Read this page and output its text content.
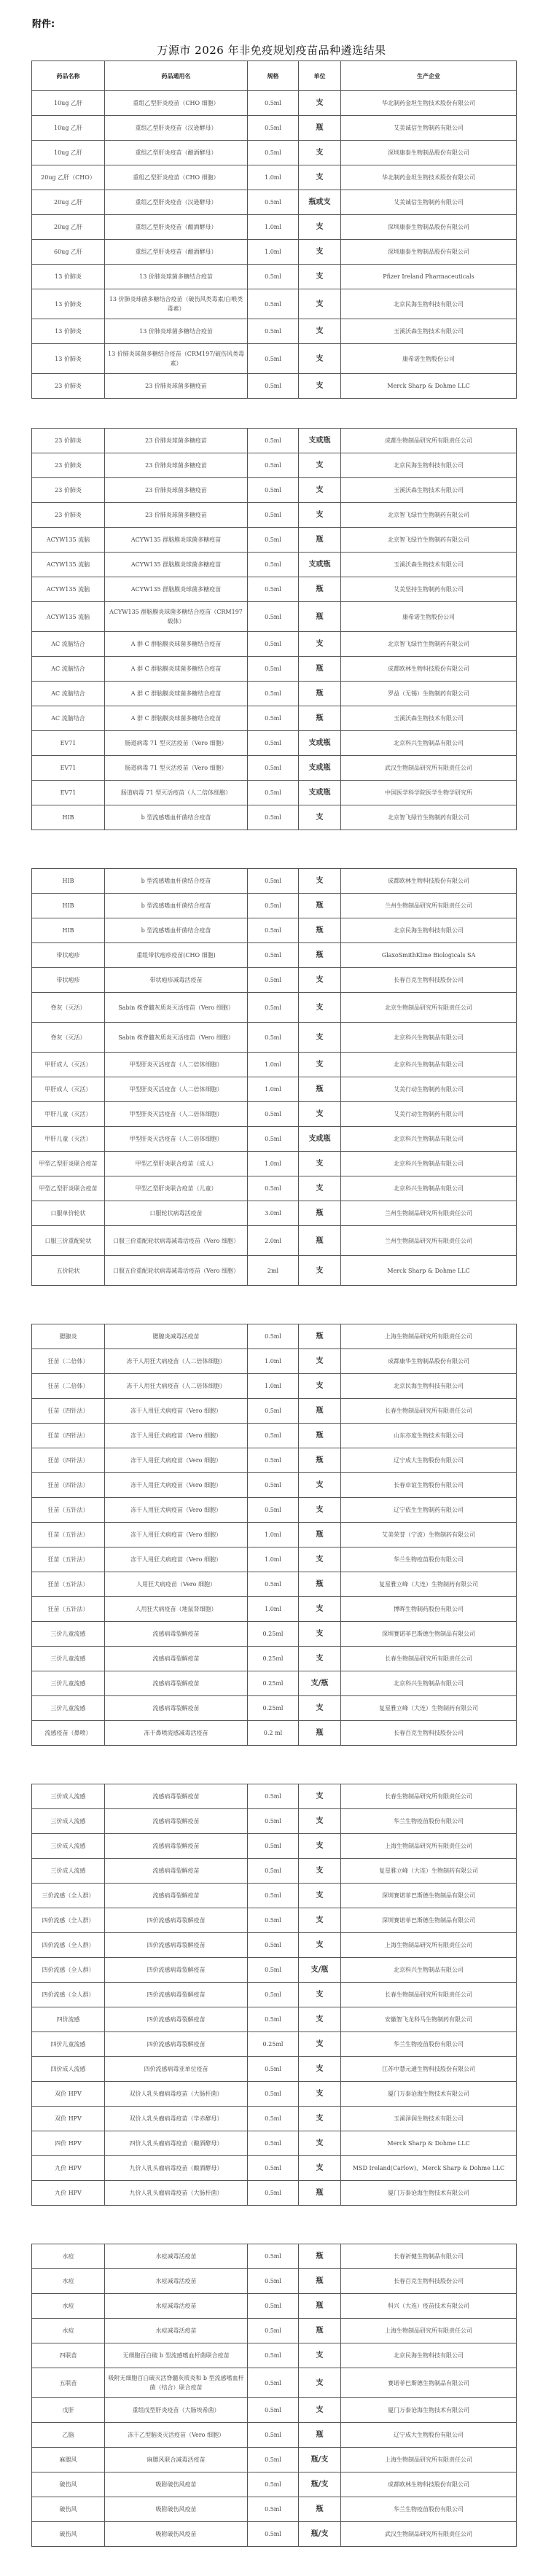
附件:
万源市 2026 年非免疫规划疫苗品种遴选结果
药品名称	药品通用名	规格	单位	生产企业
10ug 乙肝	重组乙型肝炎疫苗（CHO 细胞）	0.5ml	支	华北制药金坦生物技术股份有限公司
10ug 乙肝	重组乙型肝炎疫苗（汉逊酵母）	0.5ml	瓶	艾美诚信生物制药有限公司
10ug 乙肝	重组乙型肝炎疫苗（酿酒酵母）	0.5ml	支	深圳康泰生物制品股份有限公司
20ug 乙肝（CHO）	重组乙型肝炎疫苗（CHO 细胞）	1.0ml	支	华北制药金坦生物技术股份有限公司
20ug 乙肝	重组乙型肝炎疫苗（汉逊酵母）	0.5ml	瓶或支	艾美诚信生物制药有限公司
20ug 乙肝	重组乙型肝炎疫苗（酿酒酵母）	1.0ml	支	深圳康泰生物制品股份有限公司
60ug 乙肝	重组乙型肝炎疫苗（酿酒酵母）	1.0ml	支	深圳康泰生物制品股份有限公司
13 价肺炎	13 价肺炎球菌多糖结合疫苗	0.5ml	支	Pfizer Ireland Pharmaceuticals
13 价肺炎	13 价肺炎球菌多糖结合疫苗（破伤风类毒素/白喉类毒素）	0.5ml	支	北京民海生物科技有限公司
13 价肺炎	13 价肺炎球菌多糖结合疫苗	0.5ml	支	玉溪沃森生物技术有限公司
13 价肺炎	13 价肺炎球菌多糖结合疫苗（CRM197/破伤风类毒素）	0.5ml	支	康希诺生物股份公司
23 价肺炎	23 价肺炎球菌多糖疫苗	0.5ml	支	Merck Sharp & Dohme LLC
23 价肺炎	23 价肺炎球菌多糖疫苗	0.5ml	支或瓶	成都生物制品研究所有限责任公司
23 价肺炎	23 价肺炎球菌多糖疫苗	0.5ml	支	北京民海生物科技有限公司
23 价肺炎	23 价肺炎球菌多糖疫苗	0.5ml	支	玉溪沃森生物技术有限公司
23 价肺炎	23 价肺炎球菌多糖疫苗	0.5ml	支	北京智飞绿竹生物制药有限公司
ACYW135 流脑	ACYW135 群脑膜炎球菌多糖疫苗	0.5ml	瓶	北京智飞绿竹生物制药有限公司
ACYW135 流脑	ACYW135 群脑膜炎球菌多糖疫苗	0.5ml	支或瓶	玉溪沃森生物技术有限公司
ACYW135 流脑	ACYW135 群脑膜炎球菌多糖疫苗	0.5ml	瓶	艾美坚持生物制药有限公司
ACYW135 流脑	ACYW135 群脑膜炎球菌多糖结合疫苗（CRM197 载体）	0.5ml	瓶	康希诺生物股份公司
AC 流脑结合	A 群 C 群脑膜炎球菌多糖结合疫苗	0.5ml	支	北京智飞绿竹生物制药有限公司
AC 流脑结合	A 群 C 群脑膜炎球菌多糖结合疫苗	0.5ml	瓶	成都欧林生物科技股份有限公司
AC 流脑结合	A 群 C 群脑膜炎球菌多糖结合疫苗	0.5ml	瓶	罗益（无锡）生物制药有限公司
AC 流脑结合	A 群 C 群脑膜炎球菌多糖结合疫苗	0.5ml	瓶	玉溪沃森生物技术有限公司
EV71	肠道病毒 71 型灭活疫苗（Vero 细胞）	0.5ml	支或瓶	北京科兴生物制品有限公司
EV71	肠道病毒 71 型灭活疫苗（Vero 细胞）	0.5ml	支或瓶	武汉生物制品研究所有限责任公司
EV71	肠道病毒 71 型灭活疫苗（人二倍体细胞）	0.5ml	支或瓶	中国医学科学院医学生物学研究所
HIB	b 型流感嗜血杆菌结合疫苗	0.5ml	支	北京智飞绿竹生物制药有限公司
HIB	b 型流感嗜血杆菌结合疫苗	0.5ml	支	成都欧林生物科技股份有限公司
HIB	b 型流感嗜血杆菌结合疫苗	0.5ml	瓶	兰州生物制品研究所有限责任公司
HIB	b 型流感嗜血杆菌结合疫苗	0.5ml	瓶	北京民海生物科技有限公司
带状疱疹	重组带状疱疹疫苗(CHO 细胞)	0.5ml	瓶	GlaxoSmithKline Biologicals SA
带状疱疹	带状疱疹减毒活疫苗	0.5ml	支	长春百克生物科技股份公司
脊灰（灭活）	Sabin 株脊髓灰质炎灭活疫苗（Vero 细胞）	0.5ml	支	北京生物制品研究所有限责任公司
脊灰（灭活）	Sabin 株脊髓灰质炎灭活疫苗（Vero 细胞）	0.5ml	支	北京科兴生物制品有限公司
甲肝成人（灭活）	甲型肝炎灭活疫苗（人二倍体细胞）	1.0ml	支	北京科兴生物制品有限公司
甲肝成人（灭活）	甲型肝炎灭活疫苗（人二倍体细胞）	1.0ml	瓶	艾美行动生物制药有限公司
甲肝儿童（灭活）	甲型肝炎灭活疫苗（人二倍体细胞）	0.5ml	支	艾美行动生物制药有限公司
甲肝儿童（灭活）	甲型肝炎灭活疫苗（人二倍体细胞）	0.5ml	支或瓶	北京科兴生物制品有限公司
甲型乙型肝炎联合疫苗	甲型乙型肝炎联合疫苗（成人）	1.0ml	支	北京科兴生物制品有限公司
甲型乙型肝炎联合疫苗	甲型乙型肝炎联合疫苗（儿童）	0.5ml	支	北京科兴生物制品有限公司
口服单价轮状	口服轮状病毒活疫苗	3.0ml	瓶	兰州生物制品研究所有限责任公司
口服三价重配轮状	口服三价重配轮状病毒减毒活疫苗（Vero 细胞）	2.0ml	瓶	兰州生物制品研究所有限责任公司
五价轮状	口服五价重配轮状病毒减毒活疫苗（Vero 细胞）	2ml	支	Merck Sharp & Dohme LLC
腮腺炎	腮腺炎减毒活疫苗	0.5ml	瓶	上海生物制品研究所有限责任公司
狂苗（二倍体）	冻干人用狂犬病疫苗（人二倍体细胞）	1.0ml	支	成都康华生物制品股份有限公司
狂苗（二倍体）	冻干人用狂犬病疫苗（人二倍体细胞）	1.0ml	支	北京民海生物科技有限公司
狂苗（四针法）	冻干人用狂犬病疫苗（Vero 细胞）	0.5ml	瓶	长春生物制品研究所有限责任公司
狂苗（四针法）	冻干人用狂犬病疫苗（Vero 细胞）	0.5ml	瓶	山东亦度生物技术有限公司
狂苗（四针法）	冻干人用狂犬病疫苗（Vero 细胞）	0.5ml	瓶	辽宁成大生物股份有限公司
狂苗（四针法）	冻干人用狂犬病疫苗（Vero 细胞）	0.5ml	支	长春卓谊生物股份有限公司
狂苗（五针法）	冻干人用狂犬病疫苗（Vero 细胞）	0.5ml	支	辽宁依生生物制药有限公司
狂苗（五针法）	冻干人用狂犬病疫苗（Vero 细胞）	1.0ml	瓶	艾美荣誉（宁波）生物制药有限公司
狂苗（五针法）	冻干人用狂犬病疫苗（Vero 细胞）	1.0ml	支	华兰生物疫苗股份有限公司
狂苗（五针法）	人用狂犬病疫苗（Vero 细胞）	0.5ml	瓶	复星雅立峰（大连）生物制药有限公司
狂苗（五针法）	人用狂犬病疫苗（地鼠肾细胞）	1.0ml	支	博晖生物制药股份有限公司
三价儿童流感	流感病毒裂解疫苗	0.25ml	支	深圳赛诺菲巴斯德生物制品有限公司
三价儿童流感	流感病毒裂解疫苗	0.25ml	支	长春生物制品研究所有限责任公司
三价儿童流感	流感病毒裂解疫苗	0.25ml	支/瓶	北京科兴生物制品有限公司
三价儿童流感	流感病毒裂解疫苗	0.25ml	支	复星雅立峰（大连）生物制药有限公司
流感疫苗（鼻喷）	冻干鼻喷流感减毒活疫苗	0.2 ml	瓶	长春百克生物科技股份公司
三价成人流感	流感病毒裂解疫苗	0.5ml	支	长春生物制品研究所有限责任公司
三价成人流感	流感病毒裂解疫苗	0.5ml	支	华兰生物疫苗股份有限公司
三价成人流感	流感病毒裂解疫苗	0.5ml	支	上海生物制品研究所有限责任公司
三价成人流感	流感病毒裂解疫苗	0.5ml	支	复星雅立峰（大连）生物制药有限公司
三价流感（全人群）	流感病毒裂解疫苗	0.5ml	支	深圳赛诺菲巴斯德生物制品有限公司
四价流感（全人群）	四价流感病毒裂解疫苗	0.5ml	支	深圳赛诺菲巴斯德生物制品有限公司
四价流感（全人群）	四价流感病毒裂解疫苗	0.5ml	支	上海生物制品研究所有限责任公司
四价流感（全人群）	四价流感病毒裂解疫苗	0.5ml	支/瓶	北京科兴生物制品有限公司
四价流感（全人群）	四价流感病毒裂解疫苗	0.5ml	支	长春生物制品研究所有限责任公司
四价流感	四价流感病毒裂解疫苗	0.5ml	支	安徽智飞龙科马生物制药有限公司
四价儿童流感	四价流感病毒裂解疫苗	0.25ml	支	华兰生物疫苗股份有限公司
四价成人流感	四价流感病毒亚单位疫苗	0.5ml	支	江苏中慧元通生物科技股份有限公司
双价 HPV	双价人乳头瘤病毒疫苗（大肠杆菌）	0.5ml	支	厦门万泰沧海生物技术有限公司
双价 HPV	双价人乳头瘤病毒疫苗（毕赤酵母）	0.5ml	支	玉溪泽润生物技术有限公司
四价 HPV	四价人乳头瘤病毒疫苗（酿酒酵母）	0.5ml	支	Merck Sharp & Dohme LLC
九价 HPV	九价人乳头瘤病毒疫苗（酿酒酵母）	0.5ml	支	MSD Ireland(Carlow)、Merck Sharp & Dohme LLC
九价 HPV	九价人乳头瘤病毒疫苗（大肠杆菌）	0.5ml	瓶	厦门万泰沧海生物技术有限公司
水痘	水痘减毒活疫苗	0.5ml	瓶	长春祈健生物制品有限公司
水痘	水痘减毒活疫苗	0.5ml	瓶	长春百克生物科技股份公司
水痘	水痘减毒活疫苗	0.5ml	瓶	科兴（大连）疫苗技术有限公司
水痘	水痘减毒活疫苗	0.5ml	瓶	上海生物制品研究所有限责任公司
四联苗	无细胞百白破 b 型流感嗜血杆菌联合疫苗	0.5ml	支	北京民海生物科技有限公司
五联苗	吸附无细胞百白破灭活脊髓灰质炎和 b 型流感嗜血杆菌（结合）联合疫苗	0.5ml	支	赛诺菲巴斯德生物制品有限公司
戊肝	重组戊型肝炎疫苗（大肠埃希菌）	0.5ml	支	厦门万泰沧海生物技术有限公司
乙脑	冻干乙型脑炎灭活疫苗（Vero 细胞）	0.5ml	瓶	辽宁成大生物股份有限公司
麻腮风	麻腮风联合减毒活疫苗	0.5ml	瓶/支	上海生物制品研究所有限责任公司
破伤风	吸附破伤风疫苗	0.5ml	瓶/支	成都欧林生物科技股份有限公司
破伤风	吸附破伤风疫苗	0.5ml	瓶	华兰生物疫苗股份有限公司
破伤风	吸附破伤风疫苗	0.5ml	瓶/支	武汉生物制品研究所有限责任公司
